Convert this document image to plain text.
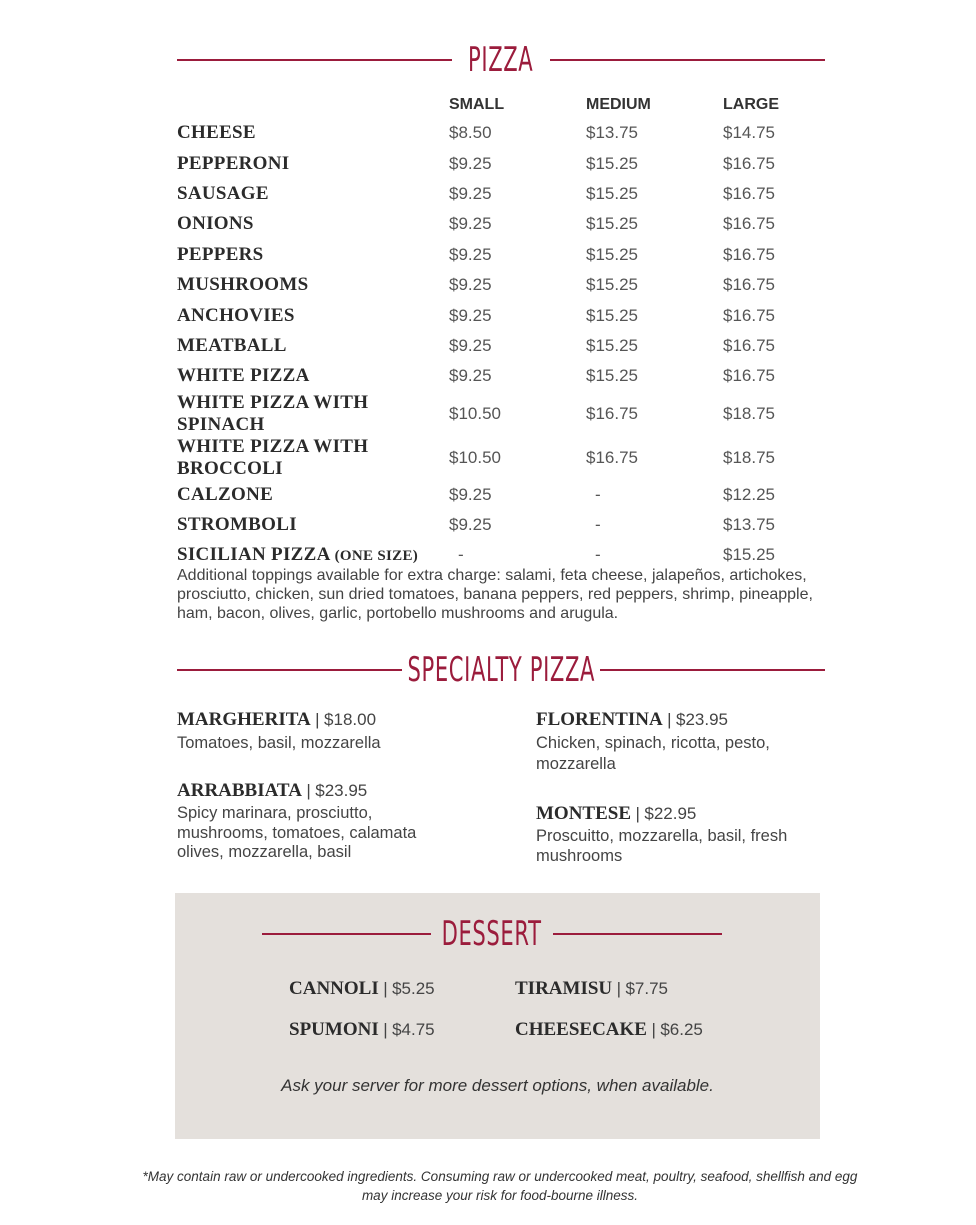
PIZZA
	SMALL	MEDIUM	LARGE
CHEESE	$8.50	$13.75	$14.75
PEPPERONI	$9.25	$15.25	$16.75
SAUSAGE	$9.25	$15.25	$16.75
ONIONS	$9.25	$15.25	$16.75
PEPPERS	$9.25	$15.25	$16.75
MUSHROOMS	$9.25	$15.25	$16.75
ANCHOVIES	$9.25	$15.25	$16.75
MEATBALL	$9.25	$15.25	$16.75
WHITE PIZZA	$9.25	$15.25	$16.75
WHITE PIZZA WITH SPINACH	$10.50	$16.75	$18.75
WHITE PIZZA WITH BROCCOLI	$10.50	$16.75	$18.75
CALZONE	$9.25	-	$12.25
STROMBOLI	$9.25	-	$13.75
SICILIAN PIZZA (ONE SIZE)	-	-	$15.25

Additional toppings available for extra charge: salami, feta cheese, jalapeños, artichokes, prosciutto, chicken, sun dried tomatoes, banana peppers, red peppers, shrimp, pineapple, ham, bacon, olives, garlic, portobello mushrooms and arugula.

SPECIALTY PIZZA
MARGHERITA | $18.00
Tomatoes, basil, mozzarella
FLORENTINA | $23.95
Chicken, spinach, ricotta, pesto, mozzarella
ARRABBIATA | $23.95
Spicy marinara, prosciutto, mushrooms, tomatoes, calamata olives, mozzarella, basil
MONTESE | $22.95
Proscuitto, mozzarella, basil, fresh mushrooms
DESSERT
CANNOLI | $5.25	TIRAMISU | $7.75
SPUMONI | $4.75	CHEESECAKE | $6.25
Ask your server for more dessert options, when available.
*May contain raw or undercooked ingredients. Consuming raw or undercooked meat, poultry, seafood, shellfish and egg may increase your risk for food-bourne illness.
